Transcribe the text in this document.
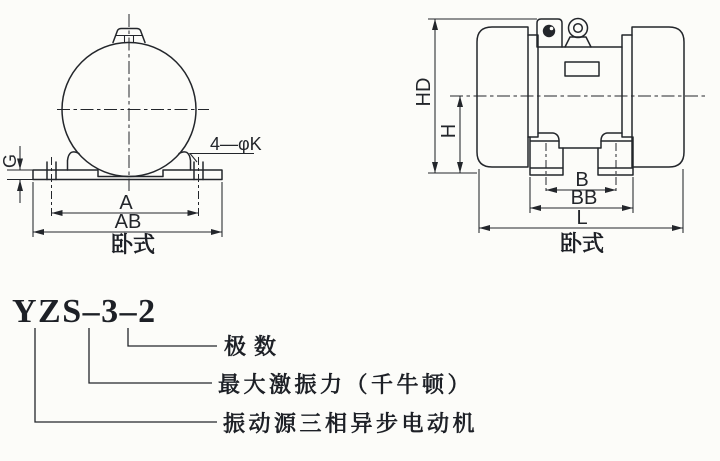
G
4—φK
A
AB
卧式
HD
H
B
BB
L
卧式
YZS–3–2
极数
最大激振力（千牛顿）
振动源三相异步电动机
